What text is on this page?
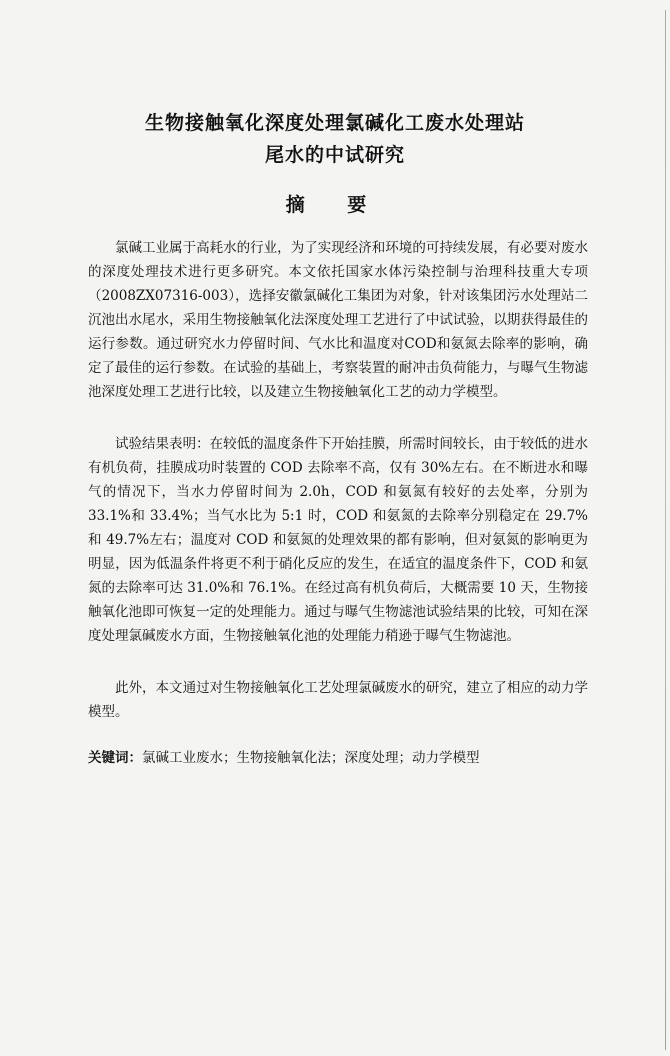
生物接触氧化深度处理氯碱化工废水处理站
尾水的中试研究
摘 要

氯碱工业属于高耗水的行业，为了实现经济和环境的可持续发展，有必要对废水的深度处理技术进行更多研究。本文依托国家水体污染控制与治理科技重大专项（2008ZX07316-003），选择安徽氯碱化工集团为对象，针对该集团污水处理站二沉池出水尾水，采用生物接触氧化法深度处理工艺进行了中试试验，以期获得最佳的运行参数。通过研究水力停留时间、气水比和温度对COD和氨氮去除率的影响，确定了最佳的运行参数。在试验的基础上，考察装置的耐冲击负荷能力，与曝气生物滤池深度处理工艺进行比较，以及建立生物接触氧化工艺的动力学模型。

试验结果表明：在较低的温度条件下开始挂膜，所需时间较长，由于较低的进水有机负荷，挂膜成功时装置的 COD 去除率不高，仅有 30%左右。在不断进水和曝气的情况下，当水力停留时间为 2.0h，COD 和氨氮有较好的去处率，分别为 33.1%和 33.4%；当气水比为 5:1 时，COD 和氨氮的去除率分别稳定在 29.7%和 49.7%左右；温度对 COD 和氨氮的处理效果的都有影响，但对氨氮的影响更为明显，因为低温条件将更不利于硝化反应的发生，在适宜的温度条件下，COD 和氨氮的去除率可达 31.0%和 76.1%。在经过高有机负荷后，大概需要 10 天，生物接触氧化池即可恢复一定的处理能力。通过与曝气生物滤池试验结果的比较，可知在深度处理氯碱废水方面，生物接触氧化池的处理能力稍逊于曝气生物滤池。

此外，本文通过对生物接触氧化工艺处理氯碱废水的研究，建立了相应的动力学模型。

关键词：氯碱工业废水；生物接触氧化法；深度处理；动力学模型
